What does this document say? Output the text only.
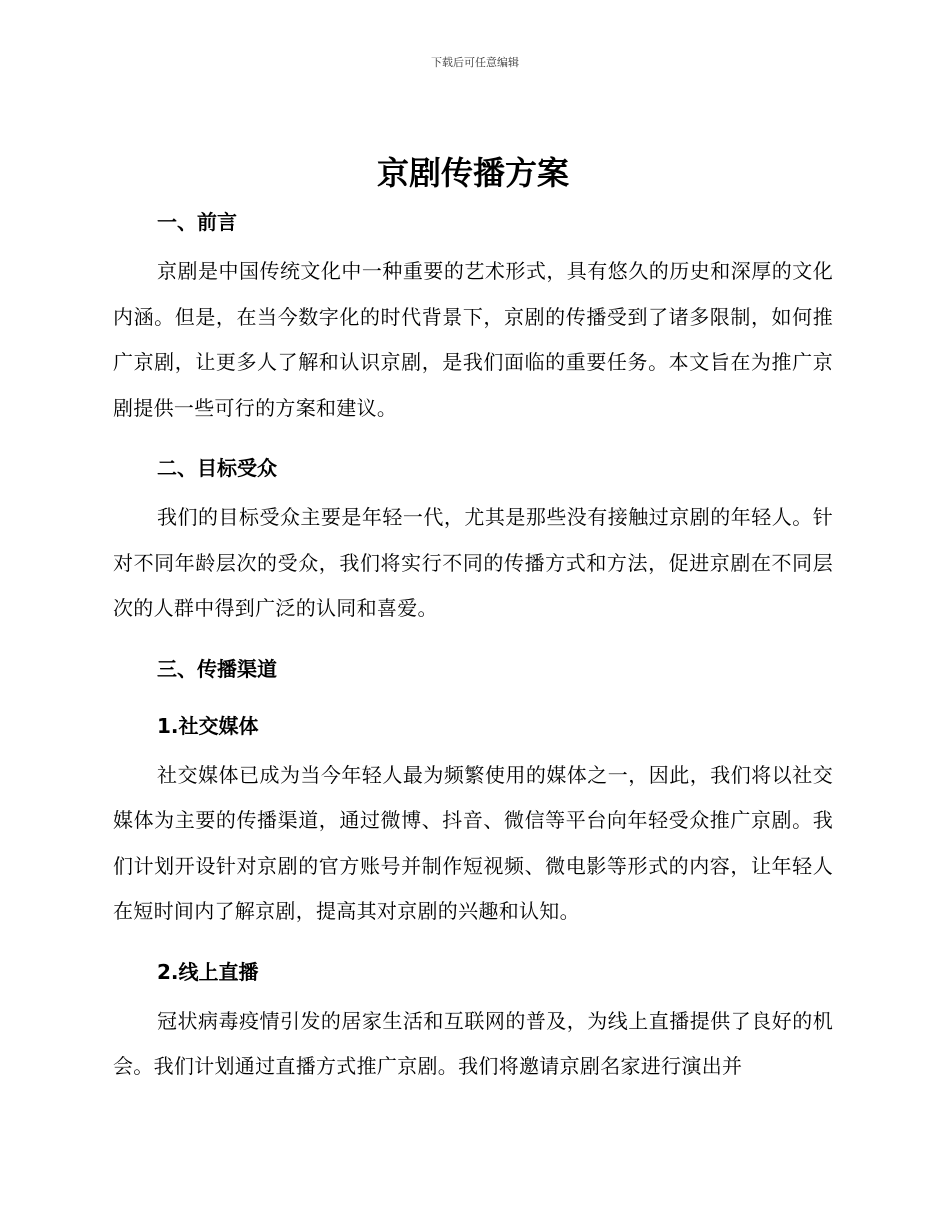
下载后可任意编辑
京剧传播方案
一、前言

京剧是中国传统文化中一种重要的艺术形式，具有悠久的历史和深厚的文化内涵。但是，在当今数字化的时代背景下，京剧的传播受到了诸多限制，如何推广京剧，让更多人了解和认识京剧，是我们面临的重要任务。本文旨在为推广京剧提供一些可行的方案和建议。

二、目标受众

我们的目标受众主要是年轻一代，尤其是那些没有接触过京剧的年轻人。针对不同年龄层次的受众，我们将实行不同的传播方式和方法，促进京剧在不同层次的人群中得到广泛的认同和喜爱。

三、传播渠道
1.社交媒体

社交媒体已成为当今年轻人最为频繁使用的媒体之一，因此，我们将以社交媒体为主要的传播渠道，通过微博、抖音、微信等平台向年轻受众推广京剧。我们计划开设针对京剧的官方账号并制作短视频、微电影等形式的内容，让年轻人在短时间内了解京剧，提高其对京剧的兴趣和认知。

2.线上直播

冠状病毒疫情引发的居家生活和互联网的普及，为线上直播提供了良好的机会。我们计划通过直播方式推广京剧。我们将邀请京剧名家进行演出并
